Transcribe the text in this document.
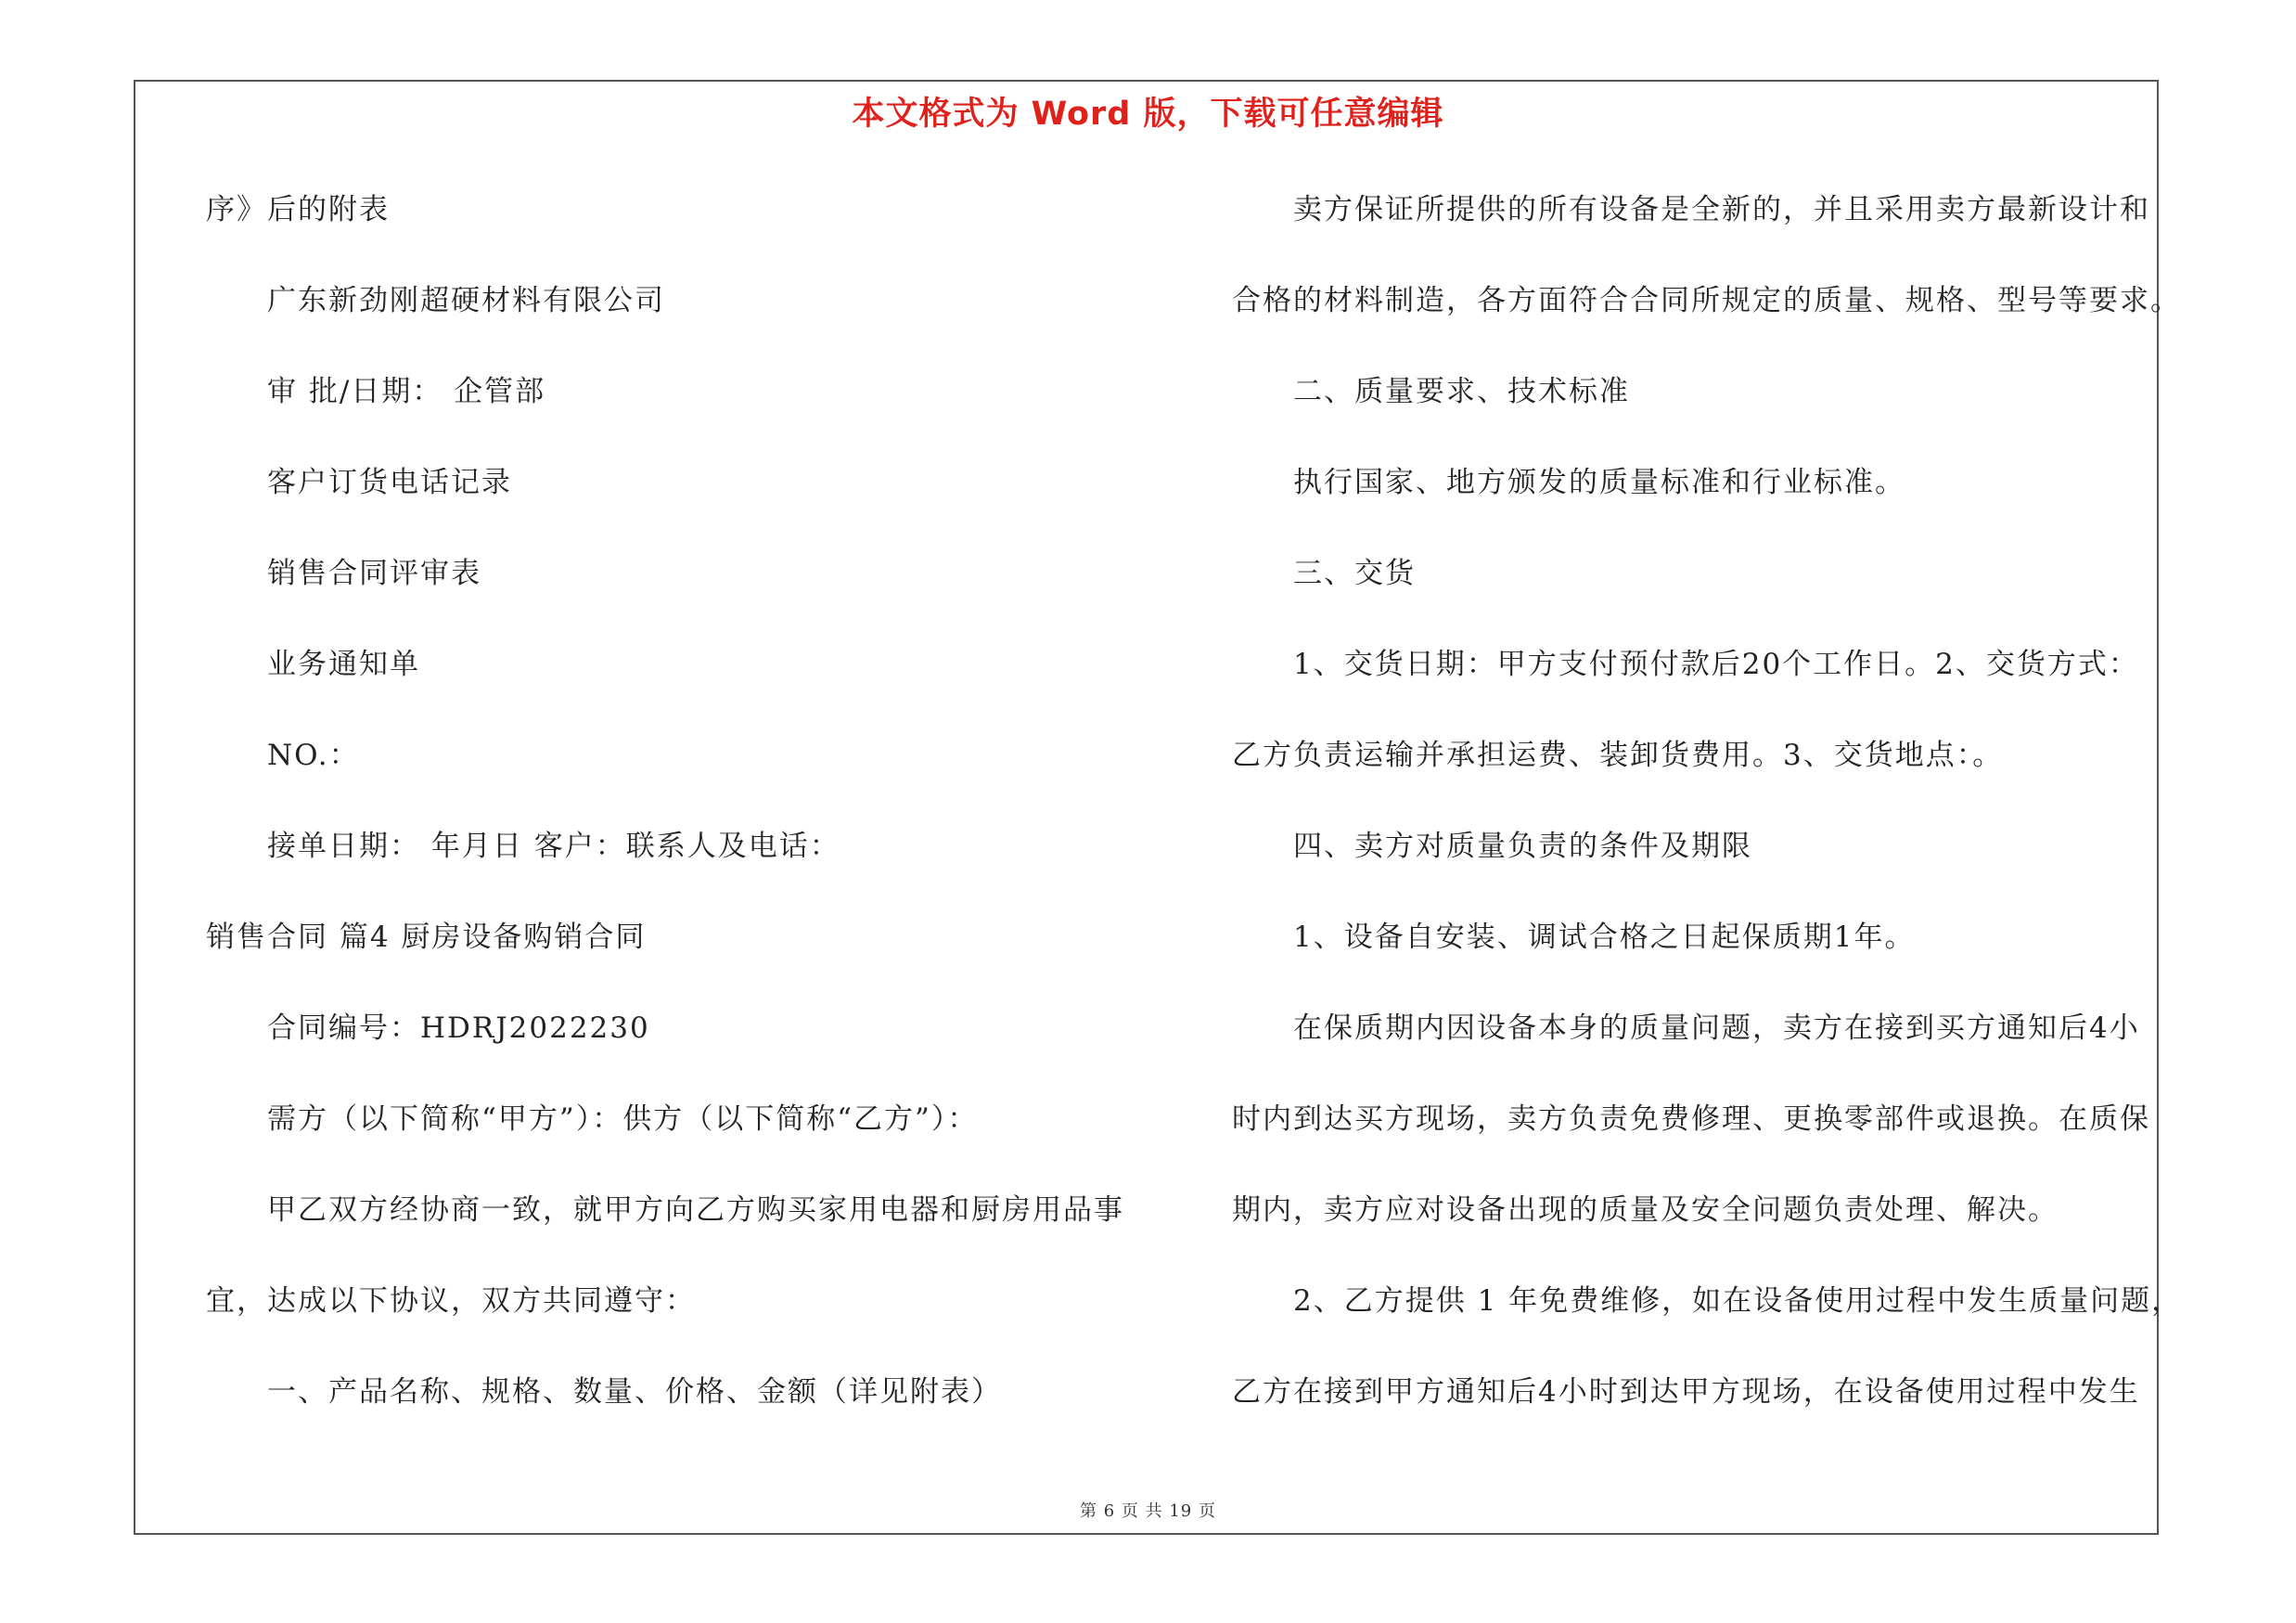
本文格式为 Word 版，下载可任意编辑
序》后的附表
广东新劲刚超硬材料有限公司
审 批/日期： 企管部
客户订货电话记录
销售合同评审表
业务通知单
NO.：
接单日期： 年月日 客户：联系人及电话：
销售合同 篇4 厨房设备购销合同
合同编号：HDRJ2022230
需方（以下简称“甲方”）：供方（以下简称“乙方”）：
甲乙双方经协商一致，就甲方向乙方购买家用电器和厨房用品事
宜，达成以下协议，双方共同遵守：
一、产品名称、规格、数量、价格、金额（详见附表）
卖方保证所提供的所有设备是全新的，并且采用卖方最新设计和
合格的材料制造，各方面符合合同所规定的质量、规格、型号等要求。
二、质量要求、技术标准
执行国家、地方颁发的质量标准和行业标准。
三、交货
1、交货日期：甲方支付预付款后20个工作日。2、交货方式：
乙方负责运输并承担运费、装卸货费用。3、交货地点：。
四、卖方对质量负责的条件及期限
1、设备自安装、调试合格之日起保质期1年。
在保质期内因设备本身的质量问题，卖方在接到买方通知后4小
时内到达买方现场，卖方负责免费修理、更换零部件或退换。在质保
期内，卖方应对设备出现的质量及安全问题负责处理、解决。
2、乙方提供 1 年免费维修，如在设备使用过程中发生质量问题，
乙方在接到甲方通知后4小时到达甲方现场，在设备使用过程中发生
第 6 页 共 19 页
